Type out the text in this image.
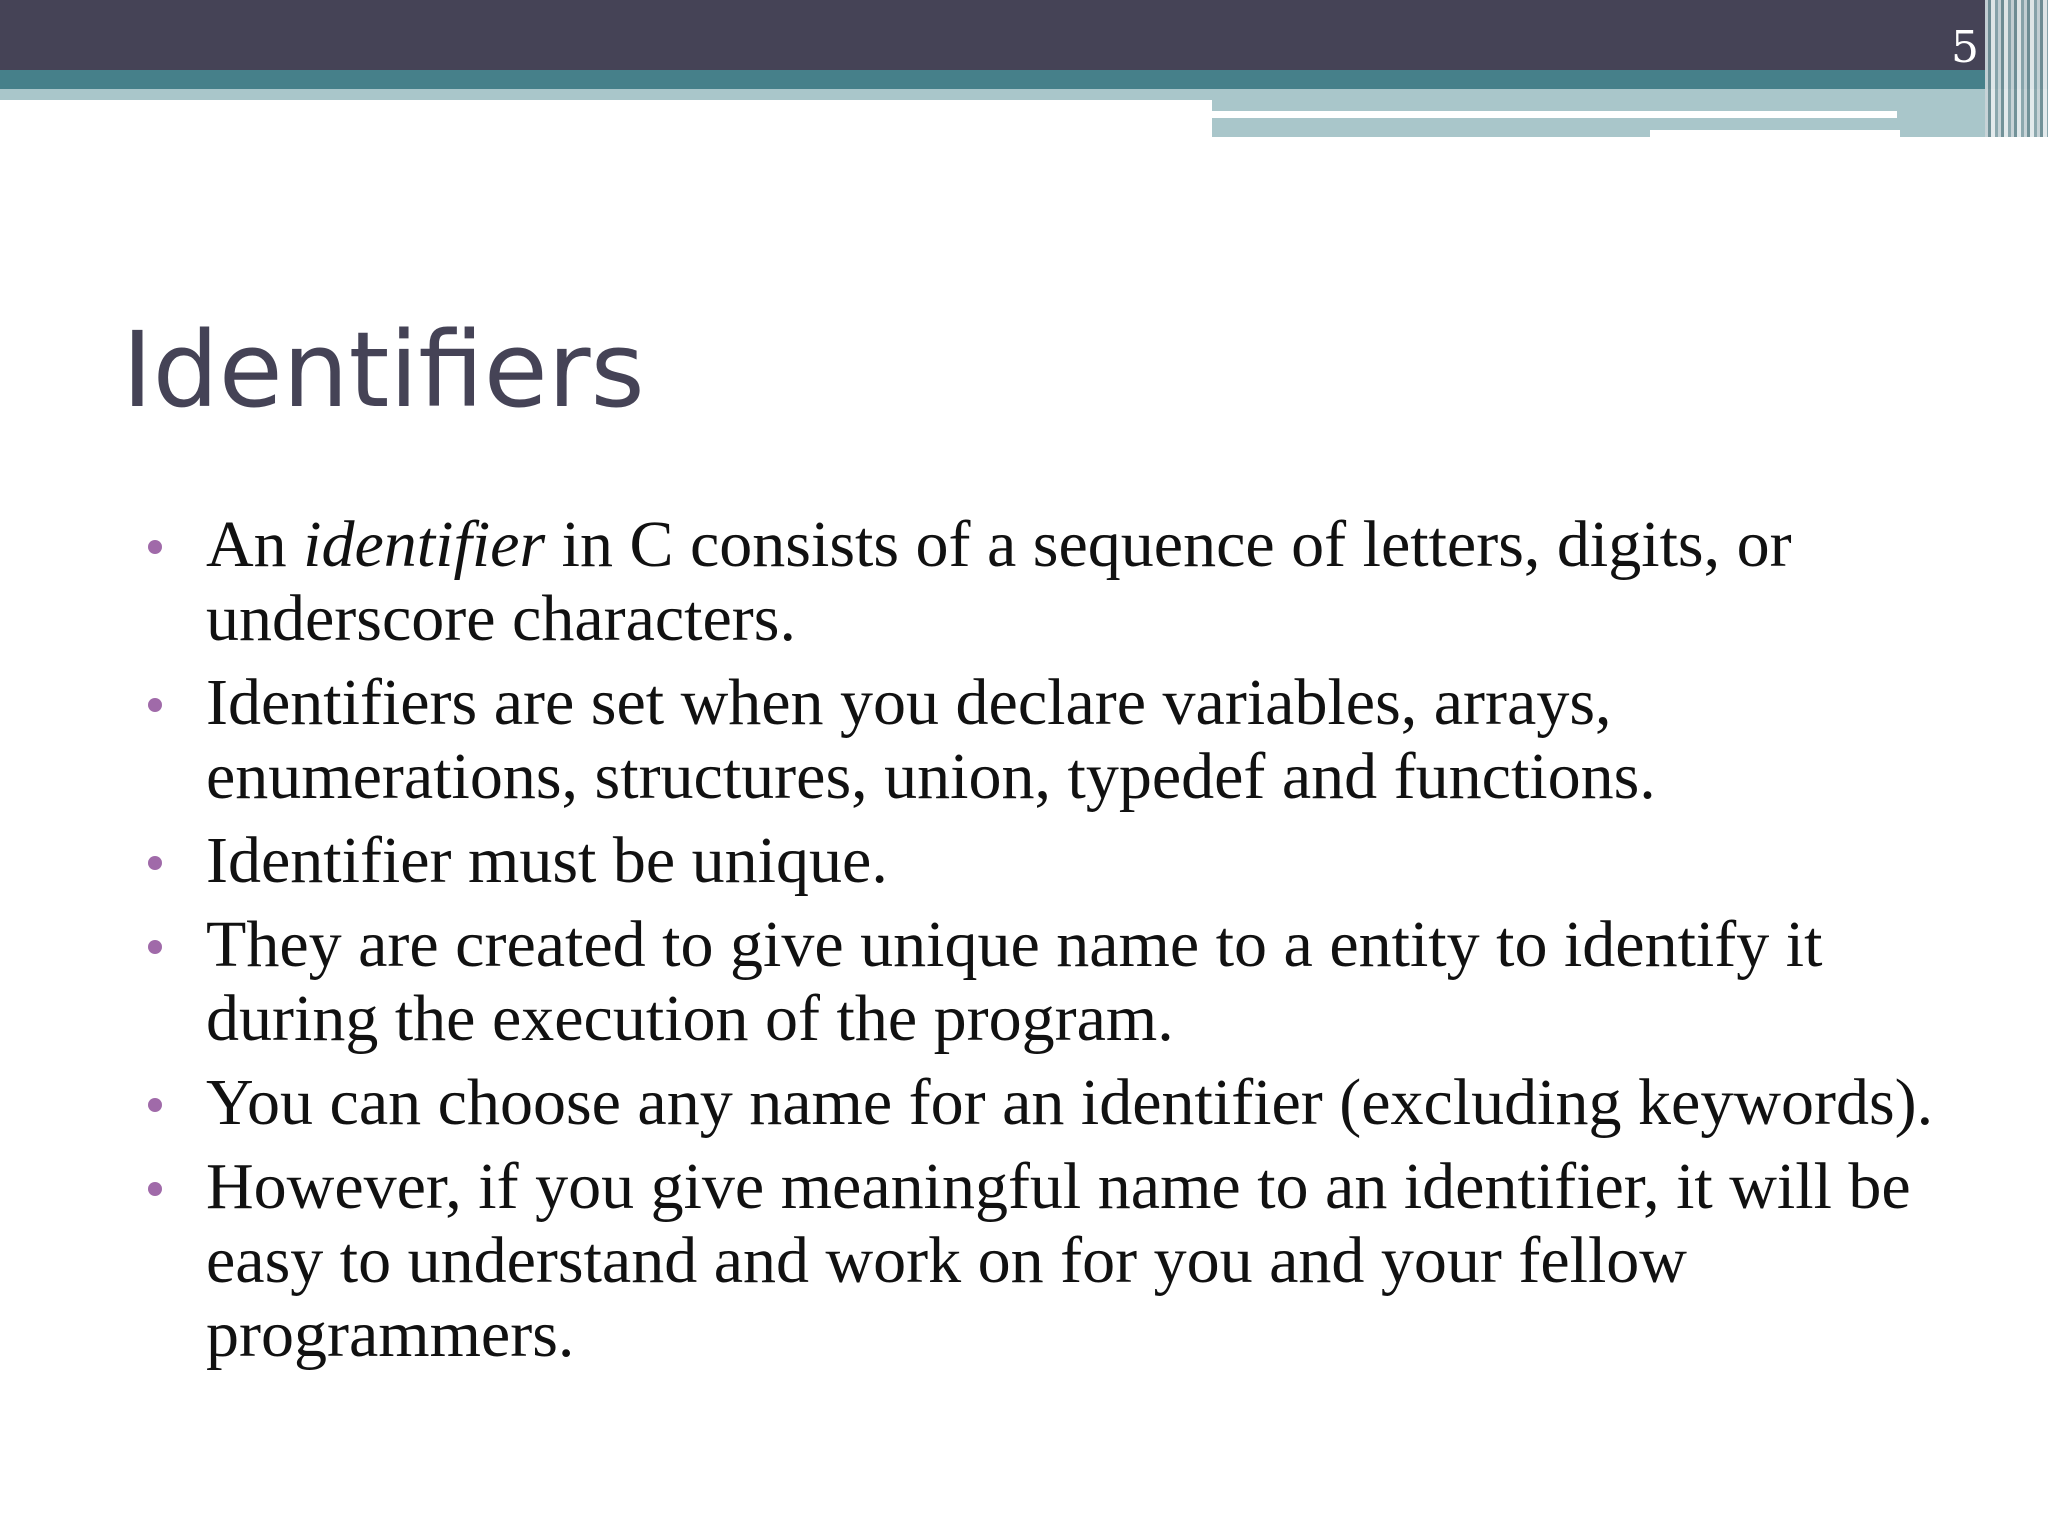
5
Identifiers
An identifier in C consists of a sequence of letters, digits, or underscore characters.
Identifiers are set when you declare variables, arrays, enumerations, structures, union, typedef and functions.
Identifier must be unique.
They are created to give unique name to a entity to identify it during the execution of the program.
You can choose any name for an identifier (excluding keywords).
However, if you give meaningful name to an identifier, it will be easy to understand and work on for you and your fellow programmers.
